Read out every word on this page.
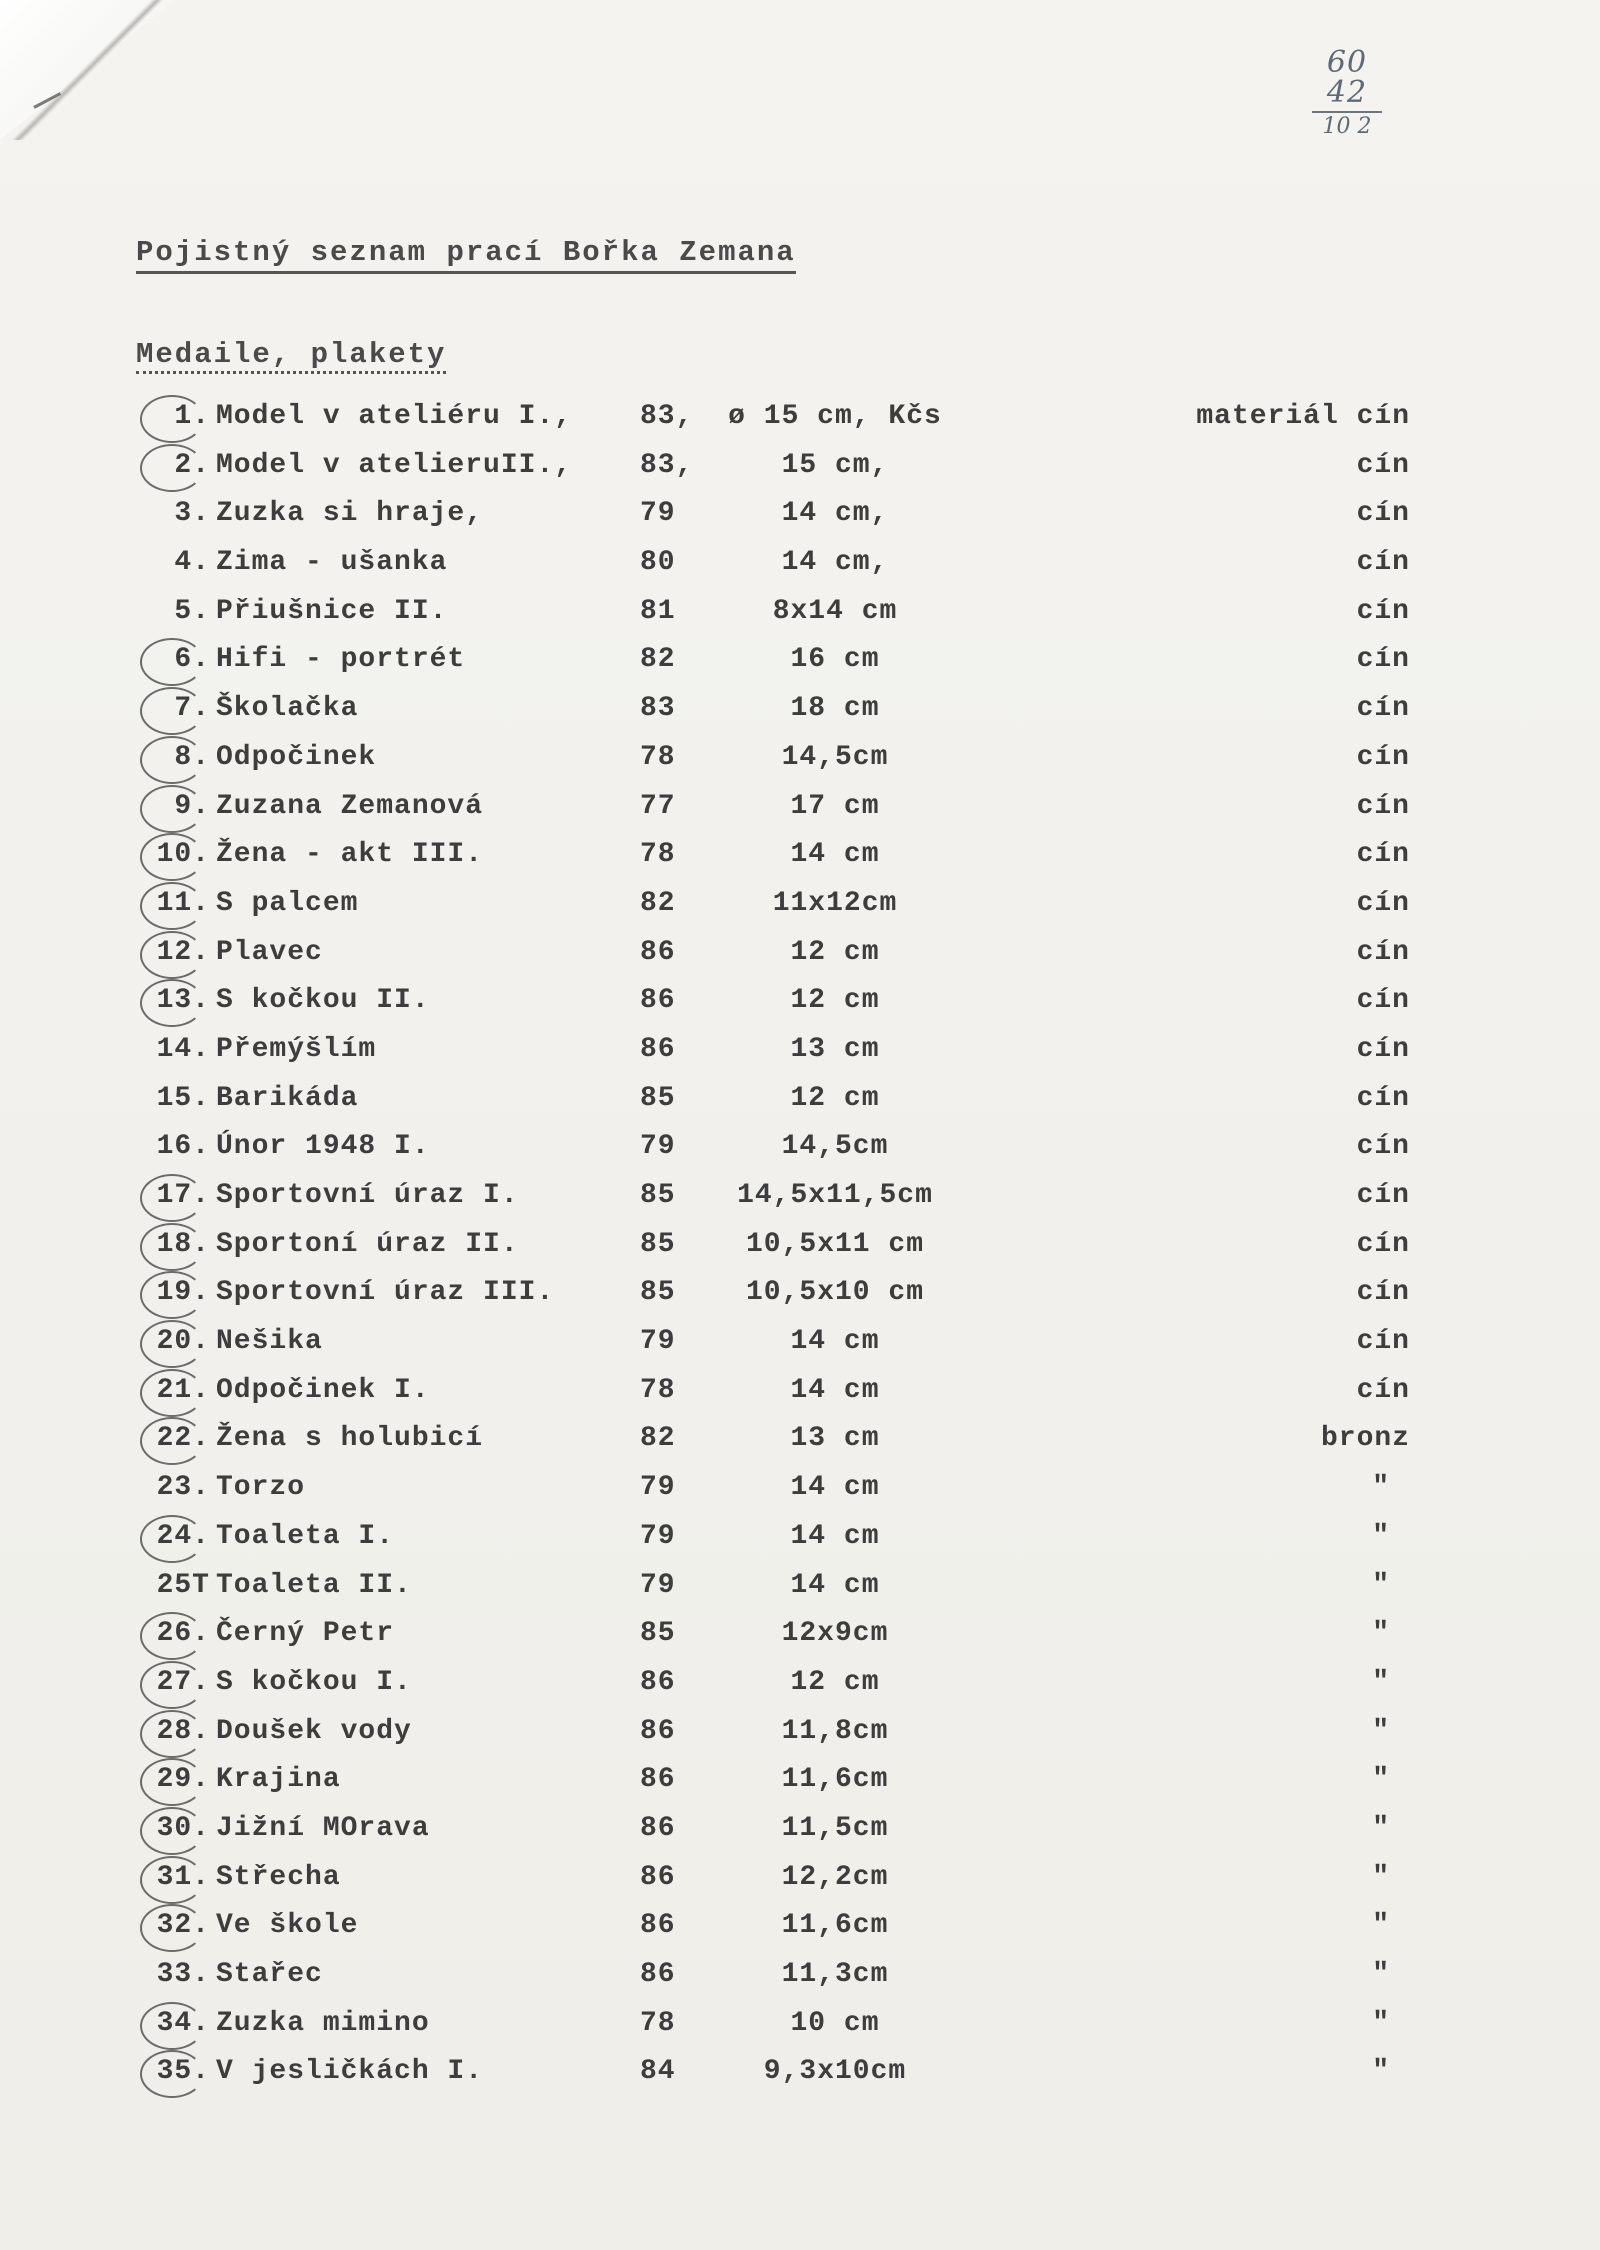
60 42
10 2
Pojistný seznam prací Bořka Zemana
Medaile, plakety
1. Model v ateliéru I., 83,	ø 15 cm, Kčs	materiál cín
2. Model v atelieruII., 83,	15 cm,	cín
3. Zuzka si hraje,	79	14 cm,	cín
4. Zima - ušanka	80	14 cm,	cín
5. Přiušnice II.	81	8x14 cm	cín
6. Hifi - portrét	82	16 cm	cín
7. Školačka	83	18 cm	cín
8. Odpočinek	78	14,5cm	cín
9. Zuzana Zemanová	77	17 cm	cín
10. Žena - akt III.	78	14 cm	cín
11. S palcem	82	11x12cm	cín
12. Plavec	86	12 cm	cín
13. S kočkou II.	86	12 cm	cín
14. Přemýšlím	86	13 cm	cín
15. Barikáda	85	12 cm	cín
16. Únor 1948 I.	79	14,5cm	cín
17. Sportovní úraz I.	85	14,5x11,5cm	cín
18. Sportoní úraz II.	85	10,5x11 cm	cín
19. Sportovní úraz III.	85	10,5x10 cm	cín
20. Nešika	79	14 cm	cín
21. Odpočinek I.	78	14 cm	cín
22. Žena s holubicí	82	13 cm	bronz
23. Torzo	79	14 cm	"
24. Toaleta I.	79	14 cm	"
25T Toaleta II.	79	14 cm	"
26. Černý Petr	85	12x9cm	"
27. S kočkou I.	86	12 cm	"
28. Doušek vody	86	11,8cm	"
29. Krajina	86	11,6cm	"
30. Jižní MOrava	86	11,5cm	"
31. Střecha	86	12,2cm	"
32. Ve škole	86	11,6cm	"
33. Stařec	86	11,3cm	"
34. Zuzka mimino	78	10 cm	"
35. V jesličkách I.	84	9,3x10cm	"
